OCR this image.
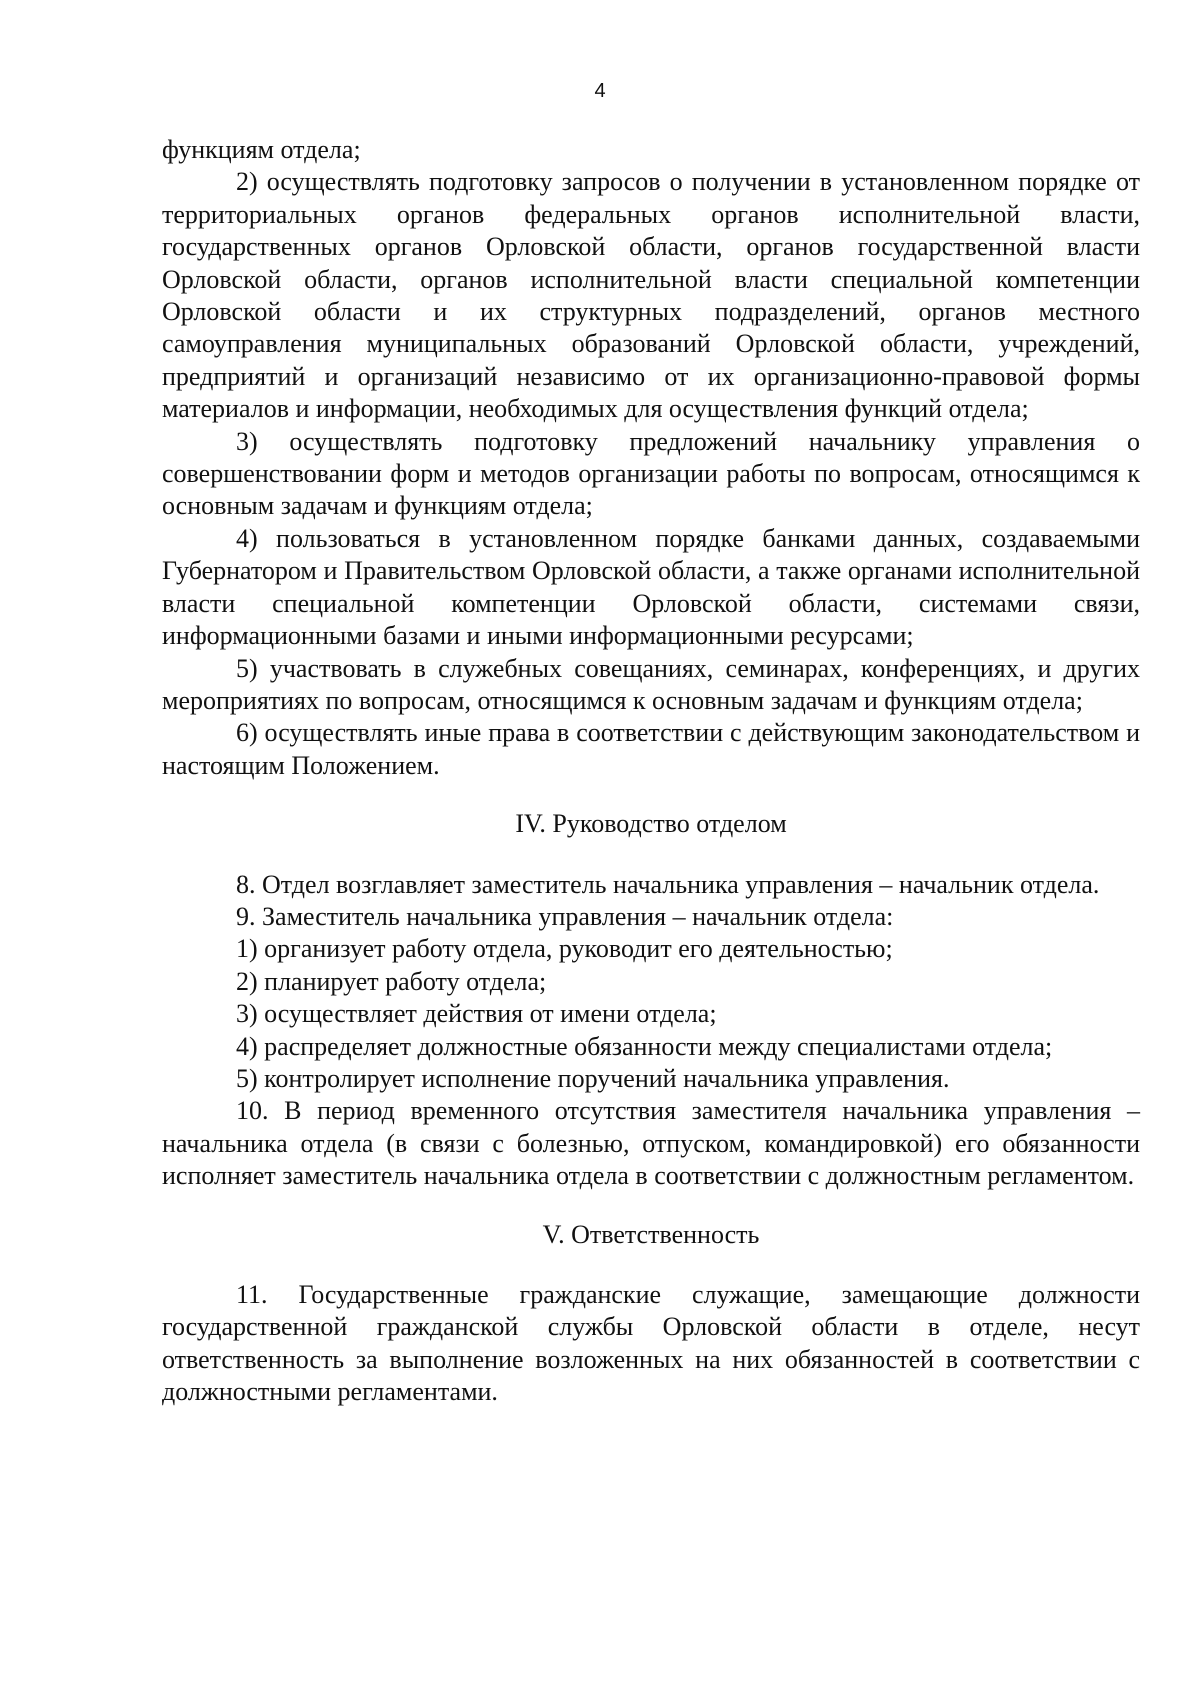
4

функциям отдела;

2) осуществлять подготовку запросов о получении в установленном порядке от территориальных органов федеральных органов исполнительной власти, государственных органов Орловской области, органов государственной власти Орловской области, органов исполнительной власти специальной компетенции Орловской области и их структурных подразделений, органов местного самоуправления муниципальных образований Орловской области, учреждений, предприятий и организаций независимо от их организационно-правовой формы материалов и информации, необходимых для осуществления функций отдела;

3) осуществлять подготовку предложений начальнику управления о совершенствовании форм и методов организации работы по вопросам, относящимся к основным задачам и функциям отдела;

4) пользоваться в установленном порядке банками данных, создаваемыми Губернатором и Правительством Орловской области, а также органами исполнительной власти специальной компетенции Орловской области, системами связи, информационными базами и иными информационными ресурсами;

5) участвовать в служебных совещаниях, семинарах, конференциях, и других мероприятиях по вопросам, относящимся к основным задачам и функциям отдела;

6) осуществлять иные права в соответствии с действующим законодательством и настоящим Положением.

IV. Руководство отделом

8. Отдел возглавляет заместитель начальника управления – начальник отдела.

9. Заместитель начальника управления – начальник отдела:

1) организует работу отдела, руководит его деятельностью;

2) планирует работу отдела;

3) осуществляет действия от имени отдела;

4) распределяет должностные обязанности между специалистами отдела;

5) контролирует исполнение поручений начальника управления.

10. В период временного отсутствия заместителя начальника управления – начальника отдела (в связи с болезнью, отпуском, командировкой) его обязанности исполняет заместитель начальника отдела в соответствии с должностным регламентом.

V. Ответственность

11. Государственные гражданские служащие, замещающие должности государственной гражданской службы Орловской области в отделе, несут ответственность за выполнение возложенных на них обязанностей в соответствии с должностными регламентами.
